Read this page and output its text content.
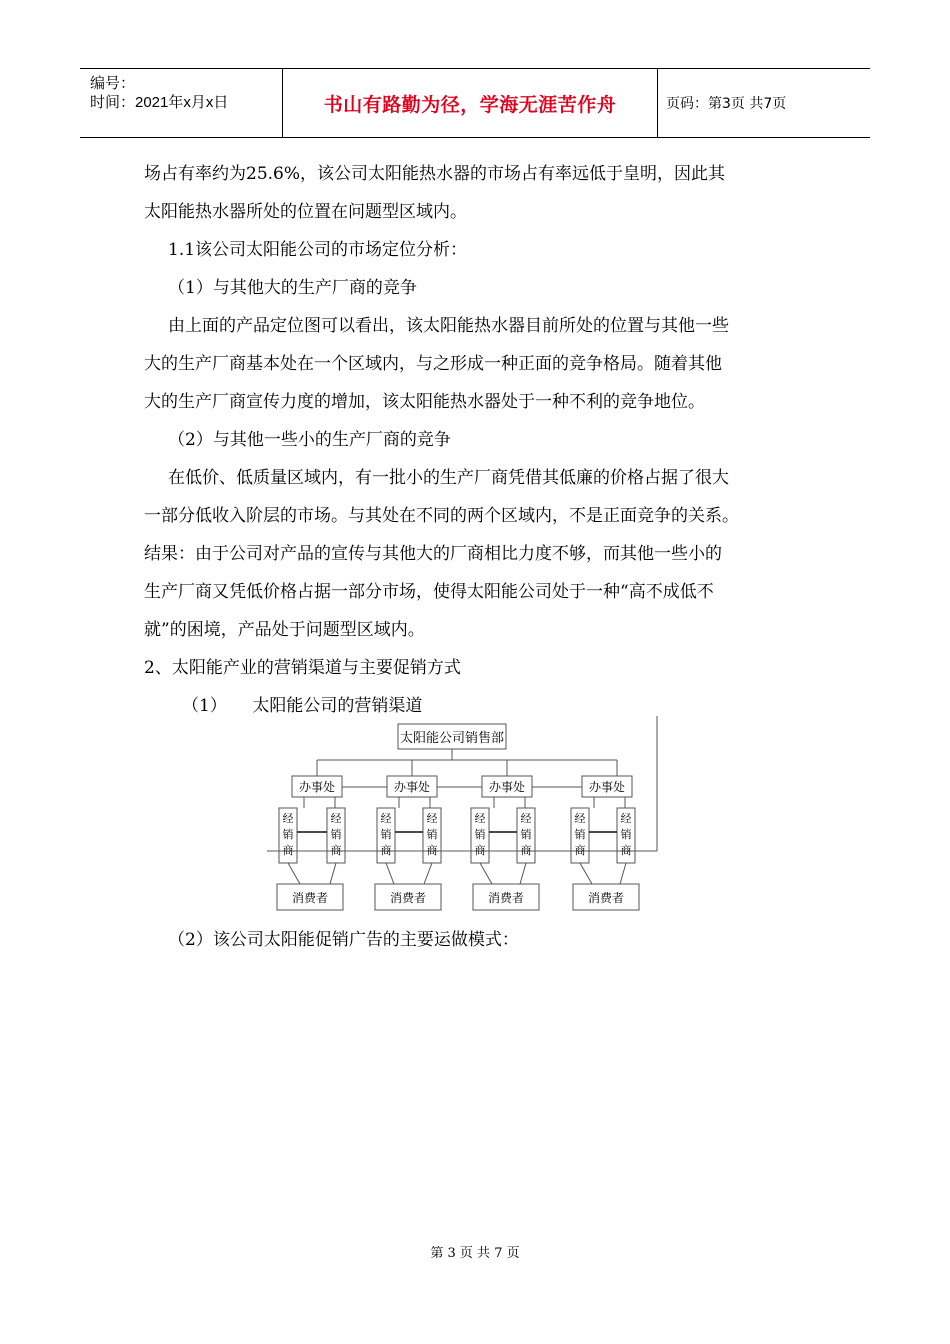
编号：
时间：2021年x月x日	书山有路勤为径，学海无涯苦作舟	页码：第3页 共7页

场占有率约为25.6%，该公司太阳能热水器的市场占有率远低于皇明，因此其

太阳能热水器所处的位置在问题型区域内。

1.1该公司太阳能公司的市场定位分析：

（1）与其他大的生产厂商的竞争

由上面的产品定位图可以看出，该太阳能热水器目前所处的位置与其他一些

大的生产厂商基本处在一个区域内，与之形成一种正面的竞争格局。随着其他

大的生产厂商宣传力度的增加，该太阳能热水器处于一种不利的竞争地位。

（2）与其他一些小的生产厂商的竞争

在低价、低质量区域内，有一批小的生产厂商凭借其低廉的价格占据了很大

一部分低收入阶层的市场。与其处在不同的两个区域内，不是正面竞争的关系。

结果：由于公司对产品的宣传与其他大的厂商相比力度不够，而其他一些小的

生产厂商又凭低价格占据一部分市场，使得太阳能公司处于一种“高不成低不

就”的困境，产品处于问题型区域内。

2、太阳能产业的营销渠道与主要促销方式

（1）　　太阳能公司的营销渠道

太阳能公司销售部
办事处	办事处	办事处	办事处
消费者	消费者	消费者	消费者
经
销
商
经
销
商
经
销
商
经
销
商
经
销
商
经
销
商
经
销
商
经
销
商
（2）该公司太阳能促销广告的主要运做模式：
第 3 页 共 7 页
